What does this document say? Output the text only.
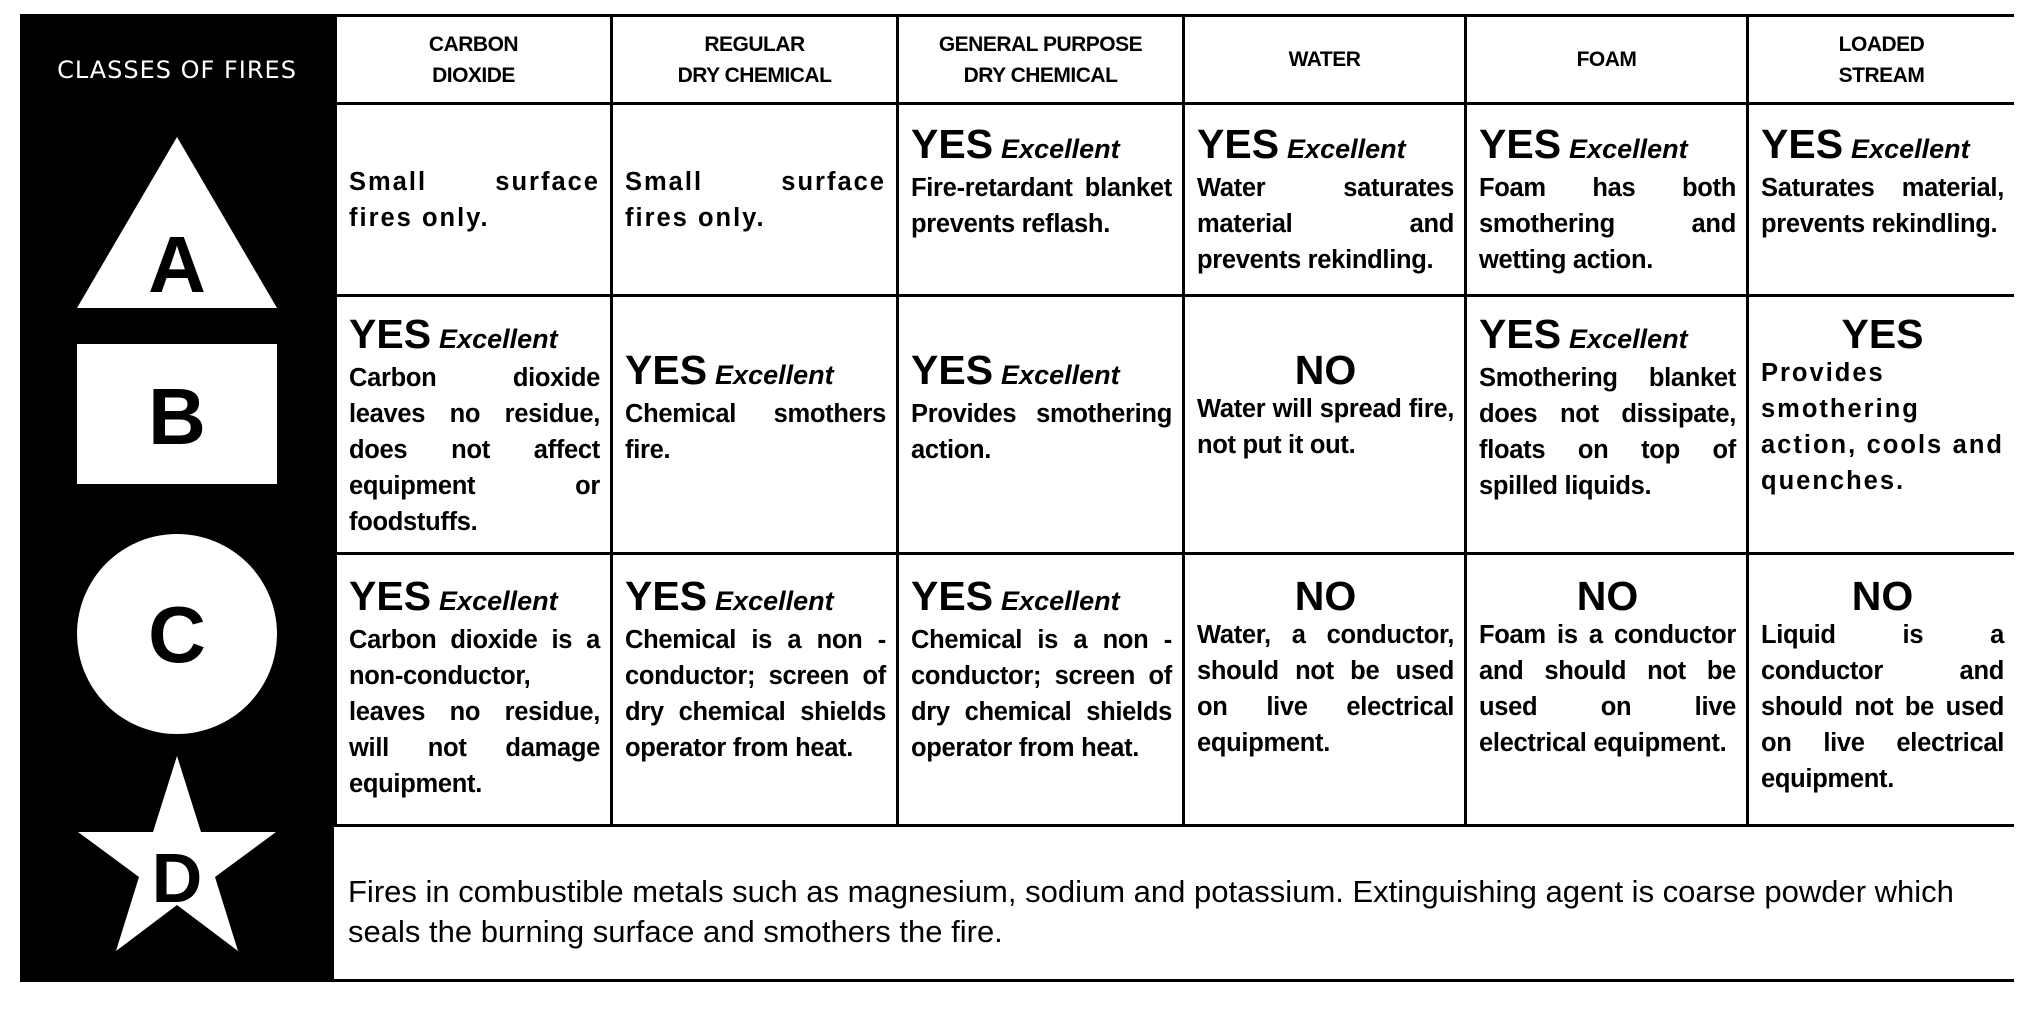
CLASSES OF FIRES
A
B
C
D
CARBON
DIOXIDE
REGULAR
DRY CHEMICAL
GENERAL PURPOSE
DRY CHEMICAL
WATER	FOAM
LOADED
STREAM
Small surface fires only.
Small surface fires only.
YES Excellent
Fire-retardant blanket prevents reflash.
YES Excellent
Water saturates material and prevents rekindling.
YES Excellent
Foam has both smothering and wetting action.
YES Excellent
Saturates material, prevents rekindling.
YES Excellent
Carbon dioxide leaves no residue, does not affect equipment or foodstuffs.
YES Excellent
Chemical smothers fire.
YES Excellent
Provides smothering action.
NO
Water will spread fire, not put it out.
YES Excellent
Smothering blanket does not dissipate, floats on top of spilled liquids.
YES
Provides smothering action, cools and quenches.
YES Excellent
Carbon dioxide is a non-conductor, leaves no residue, will not damage equipment.
YES Excellent
Chemical is a non - conductor; screen of dry chemical shields operator from heat.
YES Excellent
Chemical is a non - conductor; screen of dry chemical shields operator from heat.
NO
Water, a conductor, should not be used on live electrical equipment.
NO
Foam is a conductor and should not be used on live electrical equipment.
NO
Liquid is a conductor and should not be used on live electrical equipment.
Fires in combustible metals such as magnesium, sodium and potassium. Extinguishing agent is coarse powder which seals the burning surface and smothers the fire.
